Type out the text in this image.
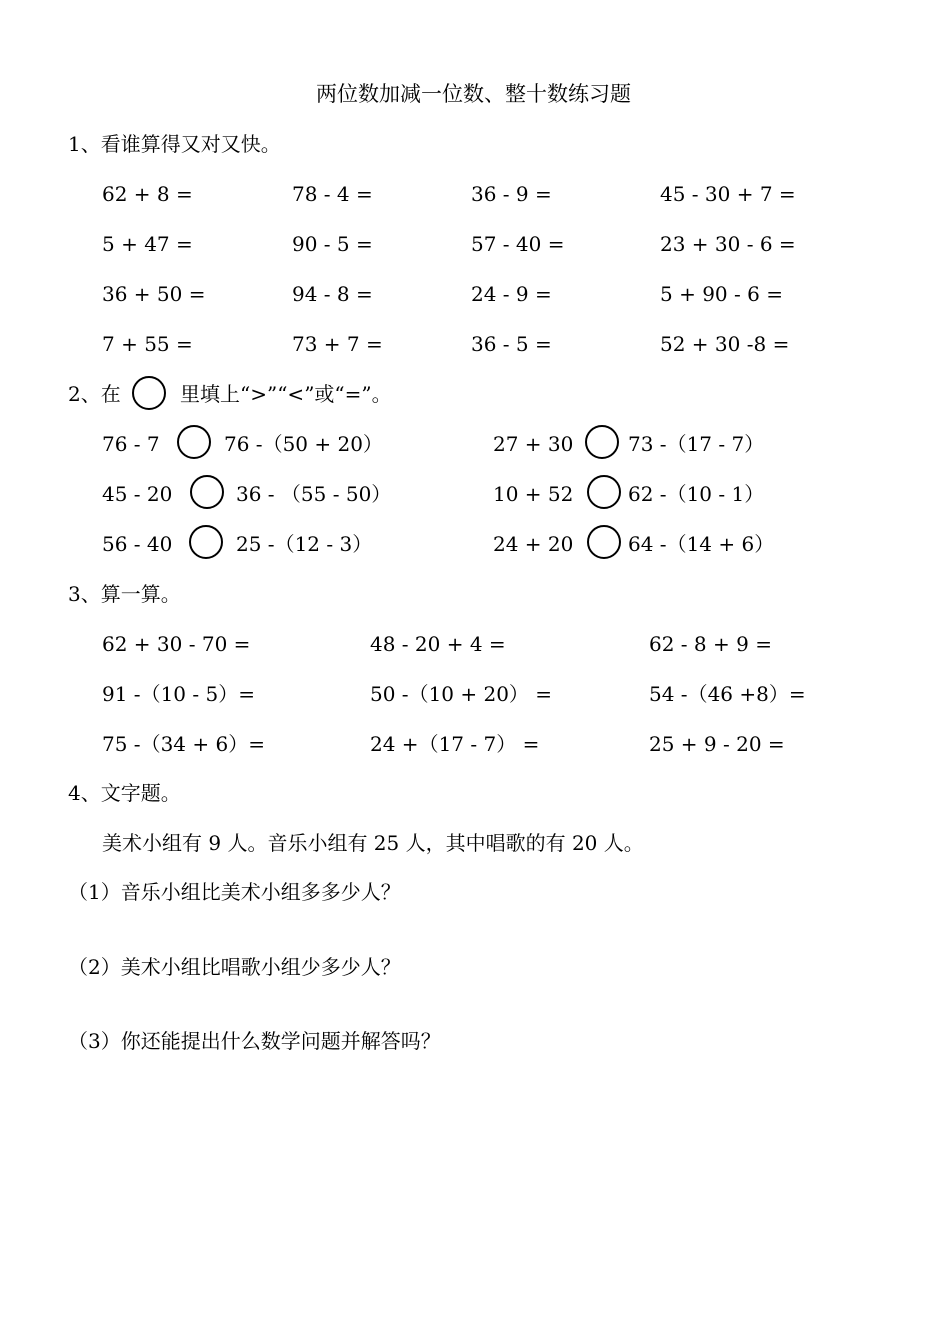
两位数加减一位数、整十数练习题
1、看谁算得又对又快。
62 + 8 =	78 - 4 =	36 - 9 =	45 - 30 + 7 =
5 + 47 =	90 - 5 =	57 - 40 =	23 + 30 - 6 =
36 + 50 =	94 - 8 =	24 - 9 =	5 + 90 - 6 =
7 + 55 =	73 + 7 =	36 - 5 =	52 + 30 -8 =
2、在	里填上“>”“<”或“=”。
76 - 7	76 -（50 + 20）	27 + 30	73 -（17 - 7）
45 - 20	36 - （55 - 50）	10 + 52	62 -（10 - 1）
56 - 40	25 -（12 - 3）	24 + 20	64 -（14 + 6）
3、算一算。
62 + 30 - 70 =	48 - 20 + 4 =	62 - 8 + 9 =
91 -（10 - 5）=	50 -（10 + 20） =	54 -（46 +8）=
75 -（34 + 6）=	24 +（17 - 7） =	25 + 9 - 20 =
4、文字题。
美术小组有 9 人。音乐小组有 25 人，其中唱歌的有 20 人。
（1）音乐小组比美术小组多多少人？
（2）美术小组比唱歌小组少多少人？
（3）你还能提出什么数学问题并解答吗？
